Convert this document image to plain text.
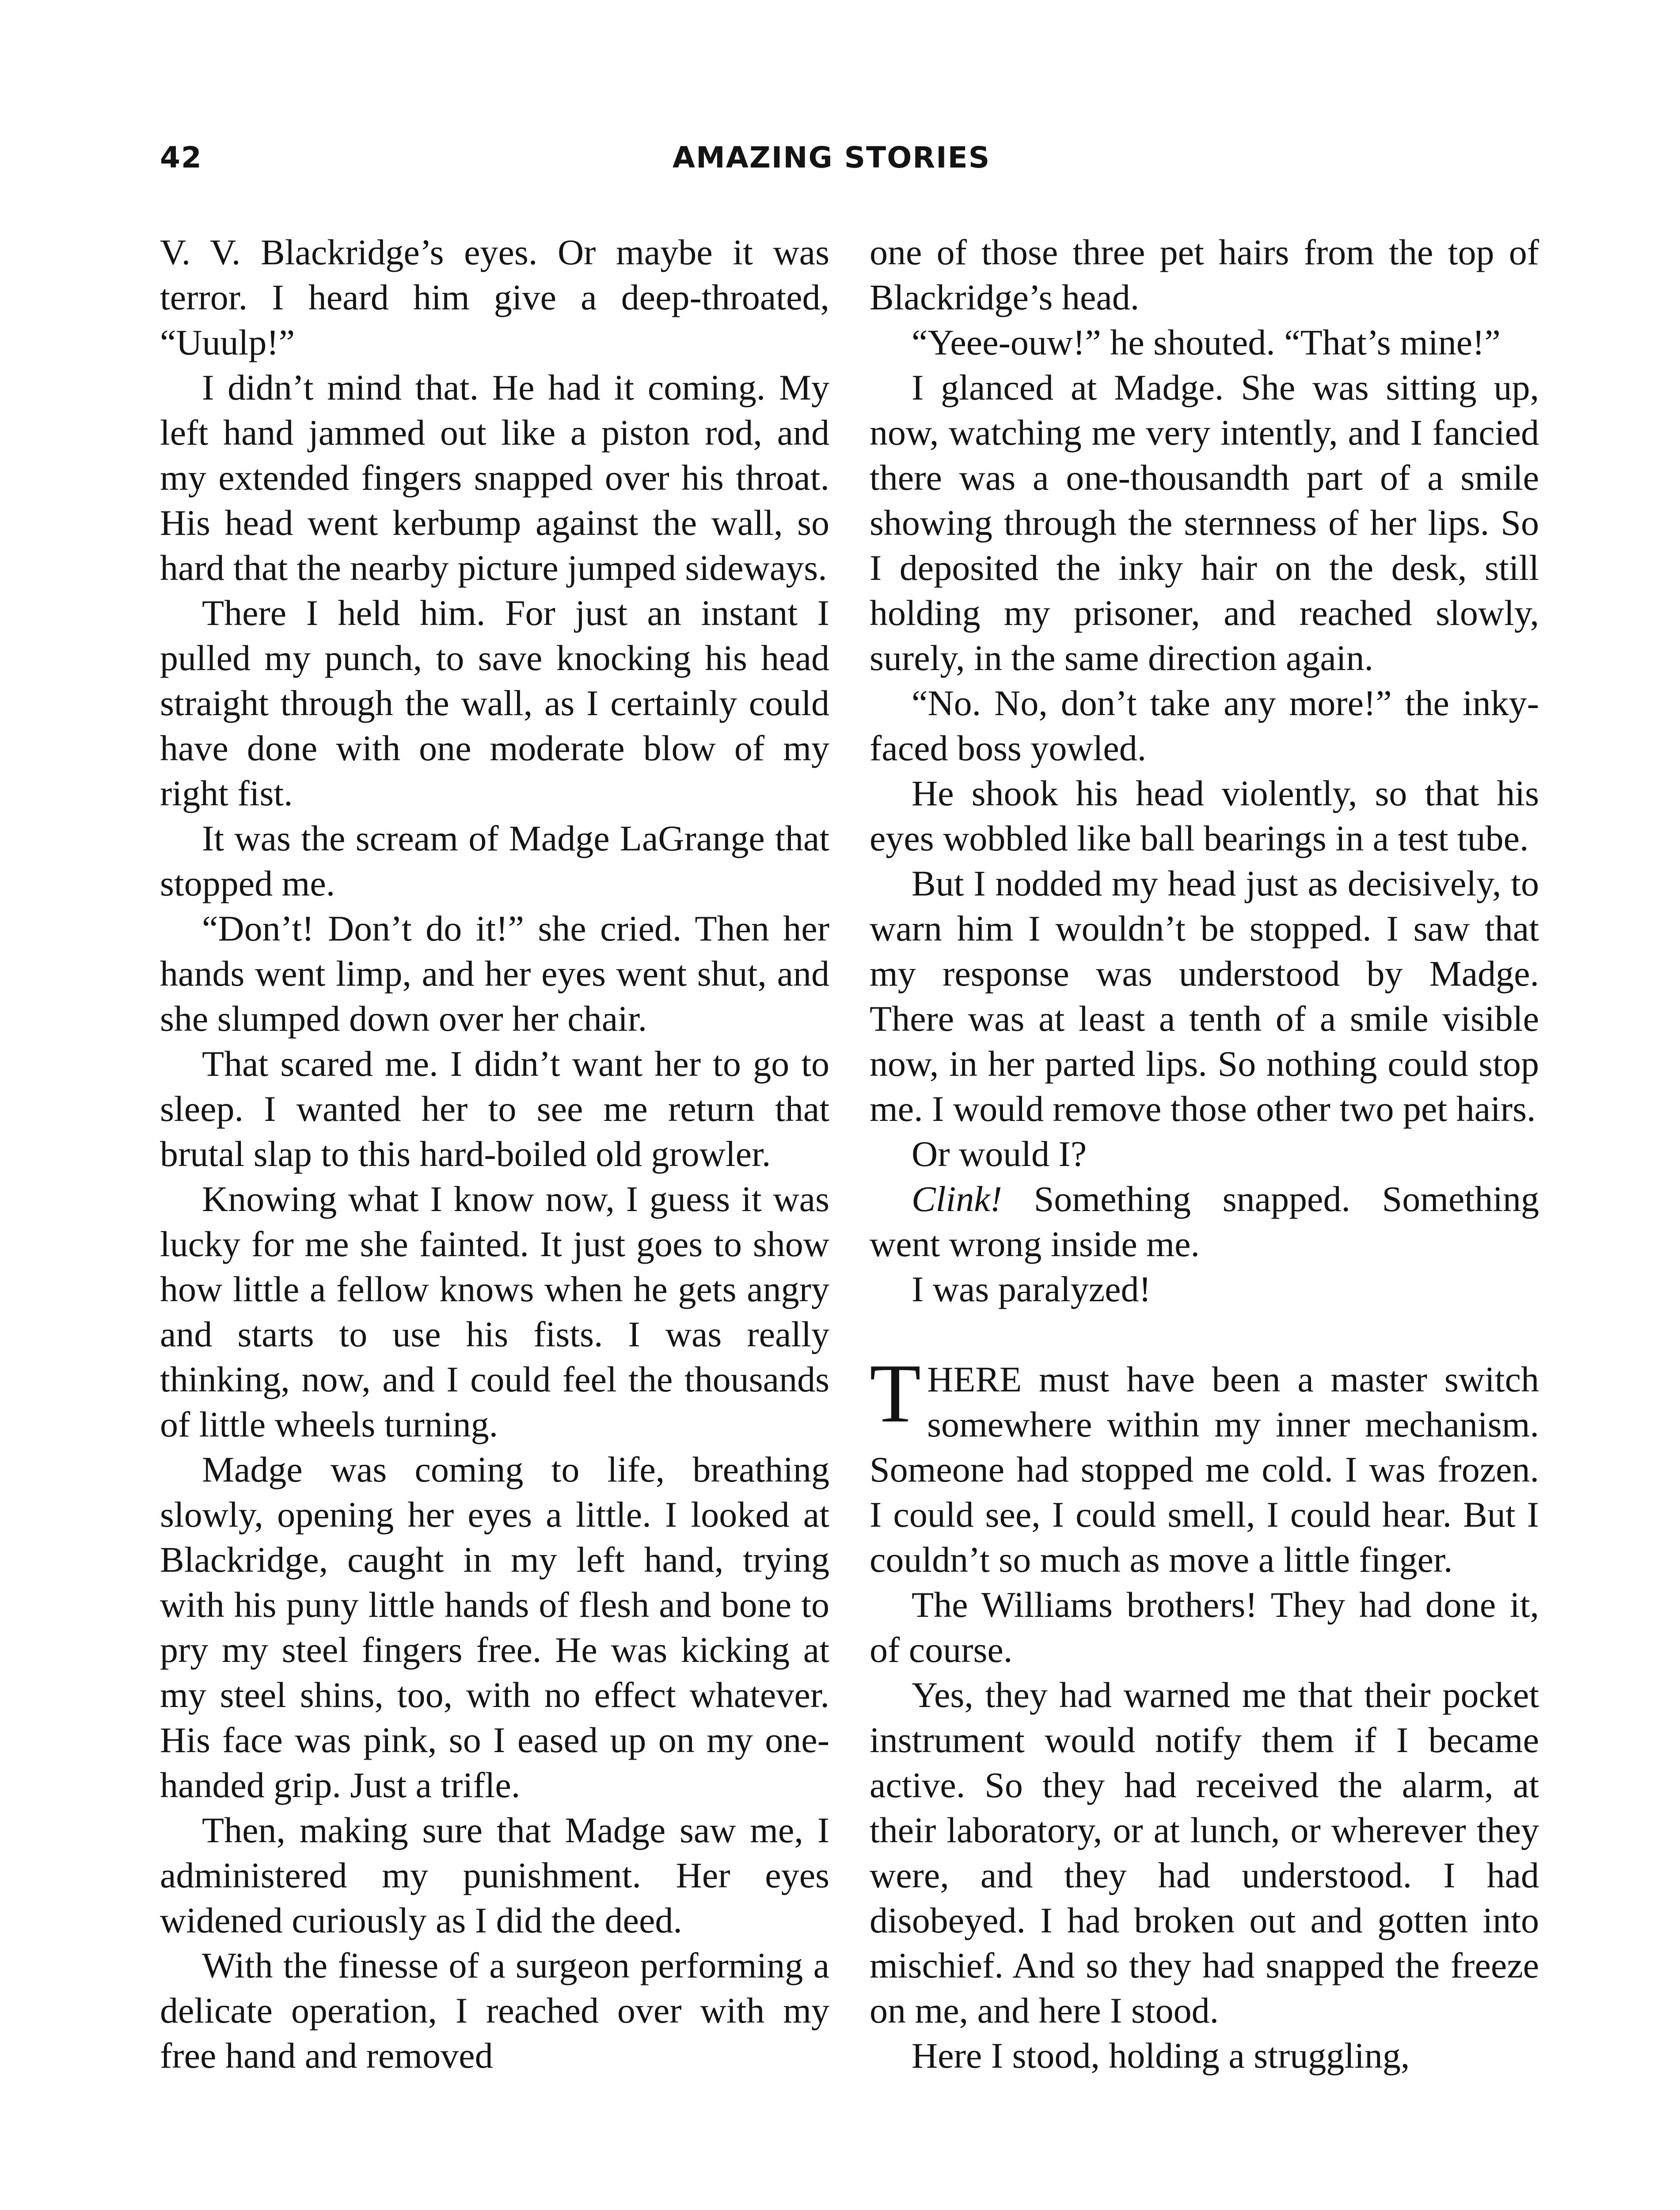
42	AMAZING STORIES

V. V. Blackridge’s eyes. Or maybe it was terror. I heard him give a deep-throated, “Uuulp!”

I didn’t mind that. He had it coming. My left hand jammed out like a piston rod, and my extended fingers snapped over his throat. His head went kerbump against the wall, so hard that the nearby picture jumped sideways.

There I held him. For just an instant I pulled my punch, to save knocking his head straight through the wall, as I certainly could have done with one moderate blow of my right fist.

It was the scream of Madge LaGrange that stopped me.

“Don’t! Don’t do it!” she cried. Then her hands went limp, and her eyes went shut, and she slumped down over her chair.

That scared me. I didn’t want her to go to sleep. I wanted her to see me return that brutal slap to this hard-boiled old growler.

Knowing what I know now, I guess it was lucky for me she fainted. It just goes to show how little a fellow knows when he gets angry and starts to use his fists. I was really thinking, now, and I could feel the thousands of little wheels turning.

Madge was coming to life, breathing slowly, opening her eyes a little. I looked at Blackridge, caught in my left hand, trying with his puny little hands of flesh and bone to pry my steel fingers free. He was kicking at my steel shins, too, with no effect whatever. His face was pink, so I eased up on my one-handed grip. Just a trifle.

Then, making sure that Madge saw me, I administered my punishment. Her eyes widened curiously as I did the deed.

With the finesse of a surgeon performing a delicate operation, I reached over with my free hand and removed

one of those three pet hairs from the top of Blackridge’s head.

“Yeee-ouw!” he shouted. “That’s mine!”

I glanced at Madge. She was sitting up, now, watching me very intently, and I fancied there was a one-thousandth part of a smile showing through the sternness of her lips. So I deposited the inky hair on the desk, still holding my prisoner, and reached slowly, surely, in the same direction again.

“No. No, don’t take any more!” the inky-faced boss yowled.

He shook his head violently, so that his eyes wobbled like ball bearings in a test tube.

But I nodded my head just as decisively, to warn him I wouldn’t be stopped. I saw that my response was understood by Madge. There was at least a tenth of a smile visible now, in her parted lips. So nothing could stop me. I would remove those other two pet hairs.

Or would I?

Clink! Something snapped. Something went wrong inside me.

I was paralyzed!

THERE must have been a master switch somewhere within my inner mechanism. Someone had stopped me cold. I was frozen. I could see, I could smell, I could hear. But I couldn’t so much as move a little finger.

The Williams brothers! They had done it, of course.

Yes, they had warned me that their pocket instrument would notify them if I became active. So they had received the alarm, at their laboratory, or at lunch, or wherever they were, and they had understood. I had disobeyed. I had broken out and gotten into mischief. And so they had snapped the freeze on me, and here I stood.

Here I stood, holding a struggling,
